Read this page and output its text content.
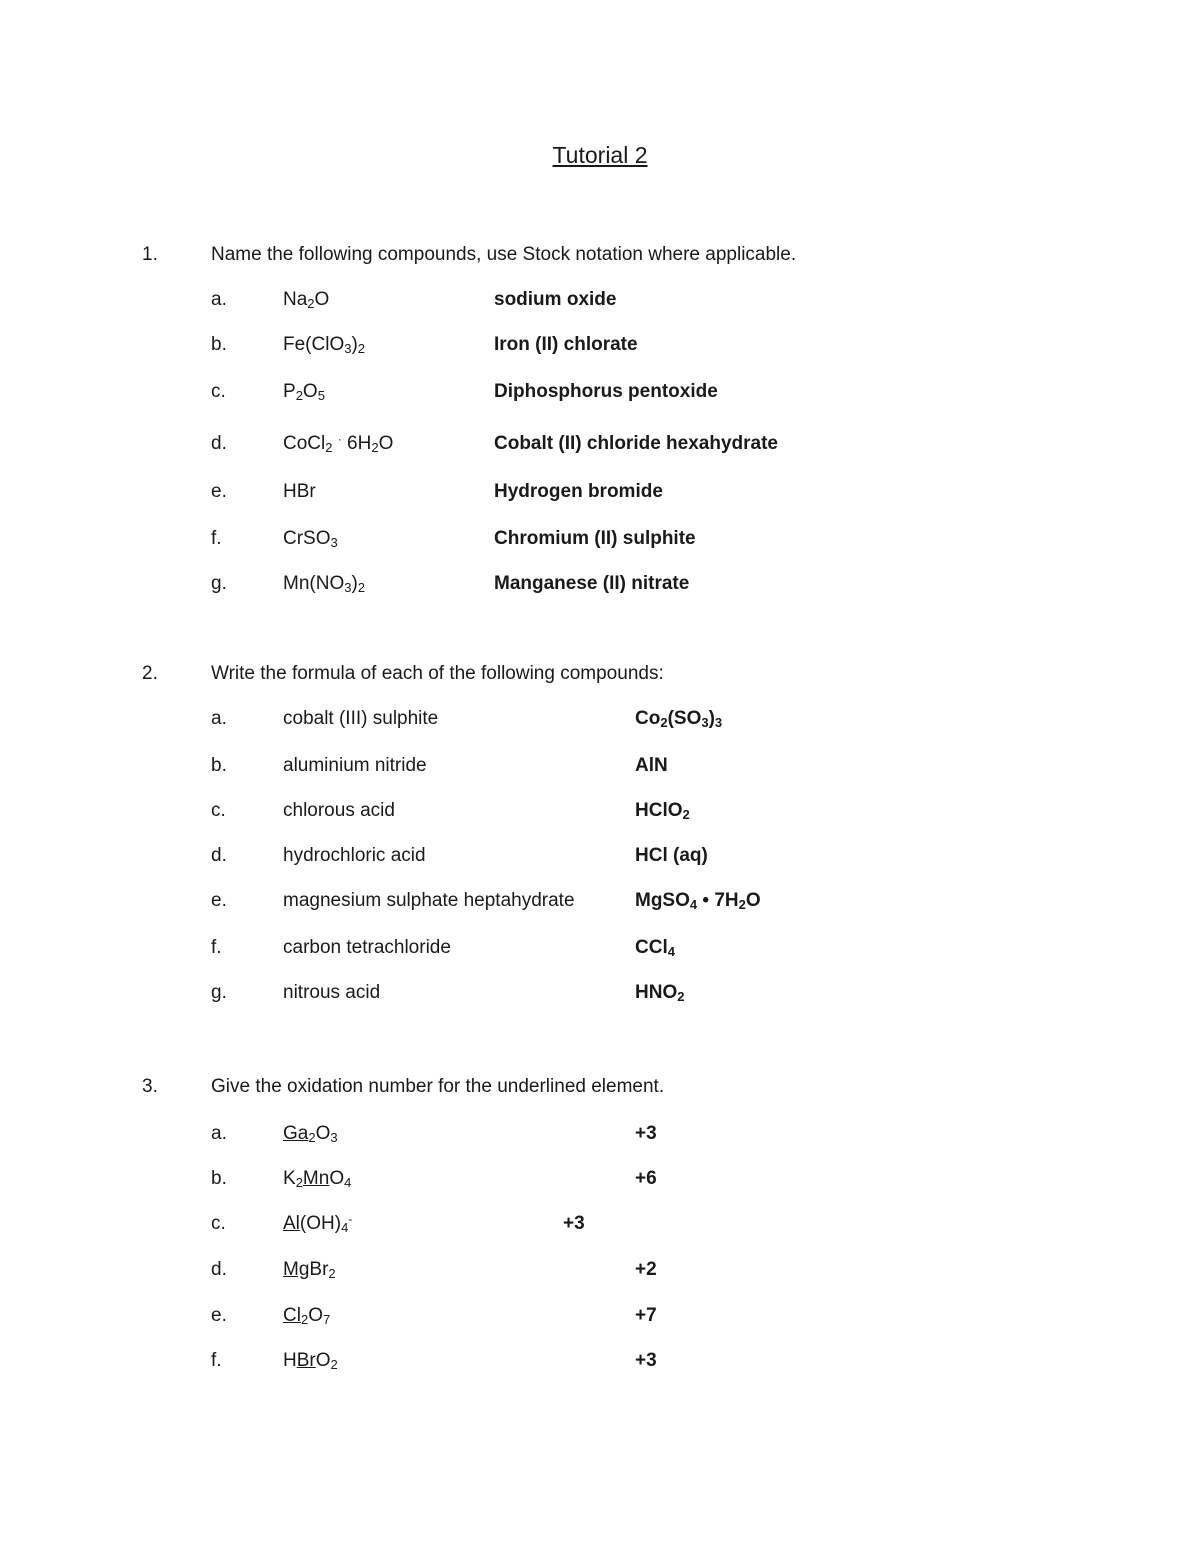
Tutorial 2
1.	Name the following compounds, use Stock notation where applicable.
a.	$Na_2O$	sodium oxide
b.	$Fe(ClO_3)_2$	Iron (II) chlorate
c.	$P_2O_5$	Diphosphorus pentoxide
d.	CoCl$_2$ · $6H_2O$	Cobalt (II) chloride hexahydrate
e.	HBr	Hydrogen bromide
f.	CrSO$_3$	Chromium (II) sulphite
g.	$Mn(NO_3)_2$	Manganese (II) nitrate
2.	Write the formula of each of the following compounds:
a.	cobalt (III) sulphite	$Co_2(SO_3)_3$
b.	aluminium nitride	AlN
c.	chlorous acid	HClO$_2$
d.	hydrochloric acid	HCl (aq)
e.	magnesium sulphate heptahydrate	MgSO$_4$ • $7H_2O$
f.	carbon tetrachloride	CCl$_4$
g.	nitrous acid	$HNO_2$
3.	Give the oxidation number for the underlined element.
a.	$Ga_2O_3$	+3
b.	$K_2MnO_4$	+6
c.	$Al(OH)_4^-$	+3
d.	MgBr$_2$	+2
e.	$Cl_2O_7$	+7
f.	HBrO$_2$	+3
